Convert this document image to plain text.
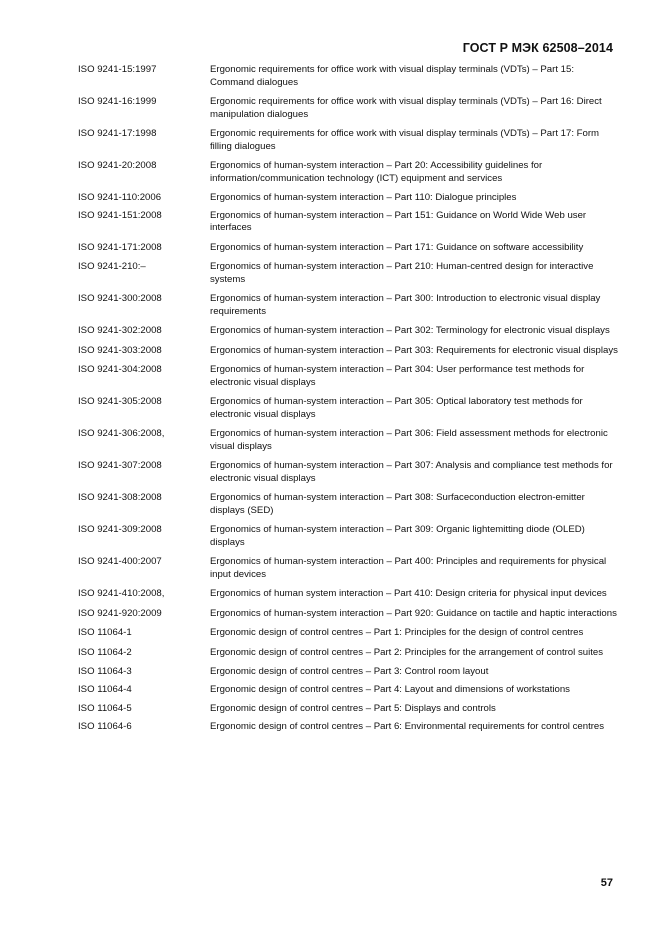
ГОСТ Р МЭК 62508–2014
ISO 9241-15:1997	Ergonomic requirements for office work with visual display terminals (VDTs) – Part 15: Command dialogues
ISO 9241-16:1999	Ergonomic requirements for office work with visual display terminals (VDTs) – Part 16: Direct manipulation dialogues
ISO 9241-17:1998	Ergonomic requirements for office work with visual display terminals (VDTs) – Part 17: Form filling dialogues
ISO 9241-20:2008	Ergonomics of human-system interaction – Part 20: Accessibility guidelines for information/communication technology (ICT) equipment and services
ISO 9241-110:2006	Ergonomics of human-system interaction – Part 110: Dialogue principles
ISO 9241-151:2008	Ergonomics of human-system interaction – Part 151: Guidance on World Wide Web user interfaces
ISO 9241-171:2008	Ergonomics of human-system interaction – Part 171: Guidance on software accessibility
ISO 9241-210:–	Ergonomics of human-system interaction – Part 210: Human-centred design for interactive systems
ISO 9241-300:2008	Ergonomics of human-system interaction – Part 300: Introduction to electronic visual display requirements
ISO 9241-302:2008	Ergonomics of human-system interaction – Part 302: Terminology for electronic visual displays
ISO 9241-303:2008	Ergonomics of human-system interaction – Part 303: Requirements for electronic visual displays
ISO 9241-304:2008	Ergonomics of human-system interaction – Part 304: User performance test methods for electronic visual displays
ISO 9241-305:2008	Ergonomics of human-system interaction – Part 305: Optical laboratory test methods for electronic visual displays
ISO 9241-306:2008,	Ergonomics of human-system interaction – Part 306: Field assessment methods for electronic visual displays
ISO 9241-307:2008	Ergonomics of human-system interaction – Part 307: Analysis and compliance test methods for electronic visual displays
ISO 9241-308:2008	Ergonomics of human-system interaction – Part 308: Surfaceconduction electron-emitter displays (SED)
ISO 9241-309:2008	Ergonomics of human-system interaction – Part 309: Organic lightemitting diode (OLED) displays
ISO 9241-400:2007	Ergonomics of human-system interaction – Part 400: Principles and requirements for physical input devices
ISO 9241-410:2008,	Ergonomics of human system interaction – Part 410: Design criteria for physical input devices
ISO 9241-920:2009	Ergonomics of human-system interaction – Part 920: Guidance on tactile and haptic interactions
ISO 11064-1	Ergonomic design of control centres – Part 1: Principles for the design of control centres
ISO 11064-2	Ergonomic design of control centres – Part 2: Principles for the arrangement of control suites
ISO 11064-3	Ergonomic design of control centres – Part 3: Control room layout
ISO 11064-4	Ergonomic design of control centres – Part 4: Layout and dimensions of workstations
ISO 11064-5	Ergonomic design of control centres – Part 5: Displays and controls
ISO 11064-6	Ergonomic design of control centres – Part 6: Environmental requirements for control centres
57
